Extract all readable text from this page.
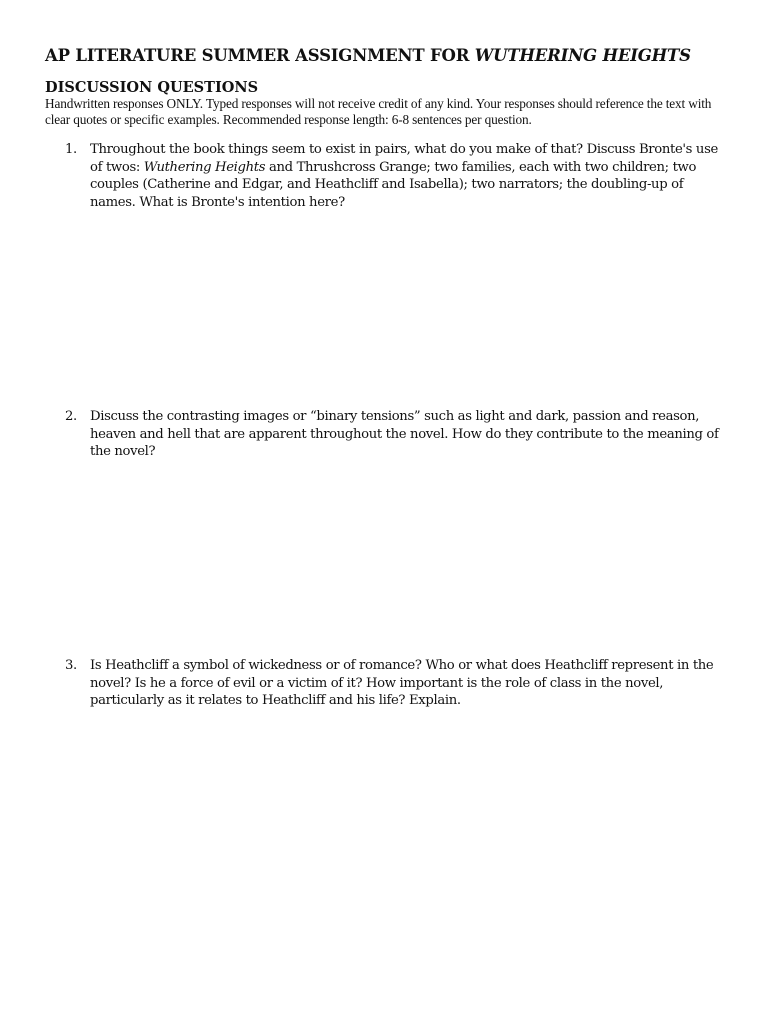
AP LITERATURE SUMMER ASSIGNMENT FOR WUTHERING HEIGHTS
DISCUSSION QUESTIONS
Handwritten responses ONLY. Typed responses will not receive credit of any kind. Your responses should reference the text with clear quotes or specific examples. Recommended response length: 6-8 sentences per question.
1. Throughout the book things seem to exist in pairs, what do you make of that? Discuss Bronte's use of twos: Wuthering Heights and Thrushcross Grange; two families, each with two children; two couples (Catherine and Edgar, and Heathcliff and Isabella); two narrators; the doubling-up of names. What is Bronte's intention here?
2. Discuss the contrasting images or “binary tensions” such as light and dark, passion and reason, heaven and hell that are apparent throughout the novel. How do they contribute to the meaning of the novel?
3. Is Heathcliff a symbol of wickedness or of romance? Who or what does Heathcliff represent in the novel? Is he a force of evil or a victim of it? How important is the role of class in the novel, particularly as it relates to Heathcliff and his life? Explain.
